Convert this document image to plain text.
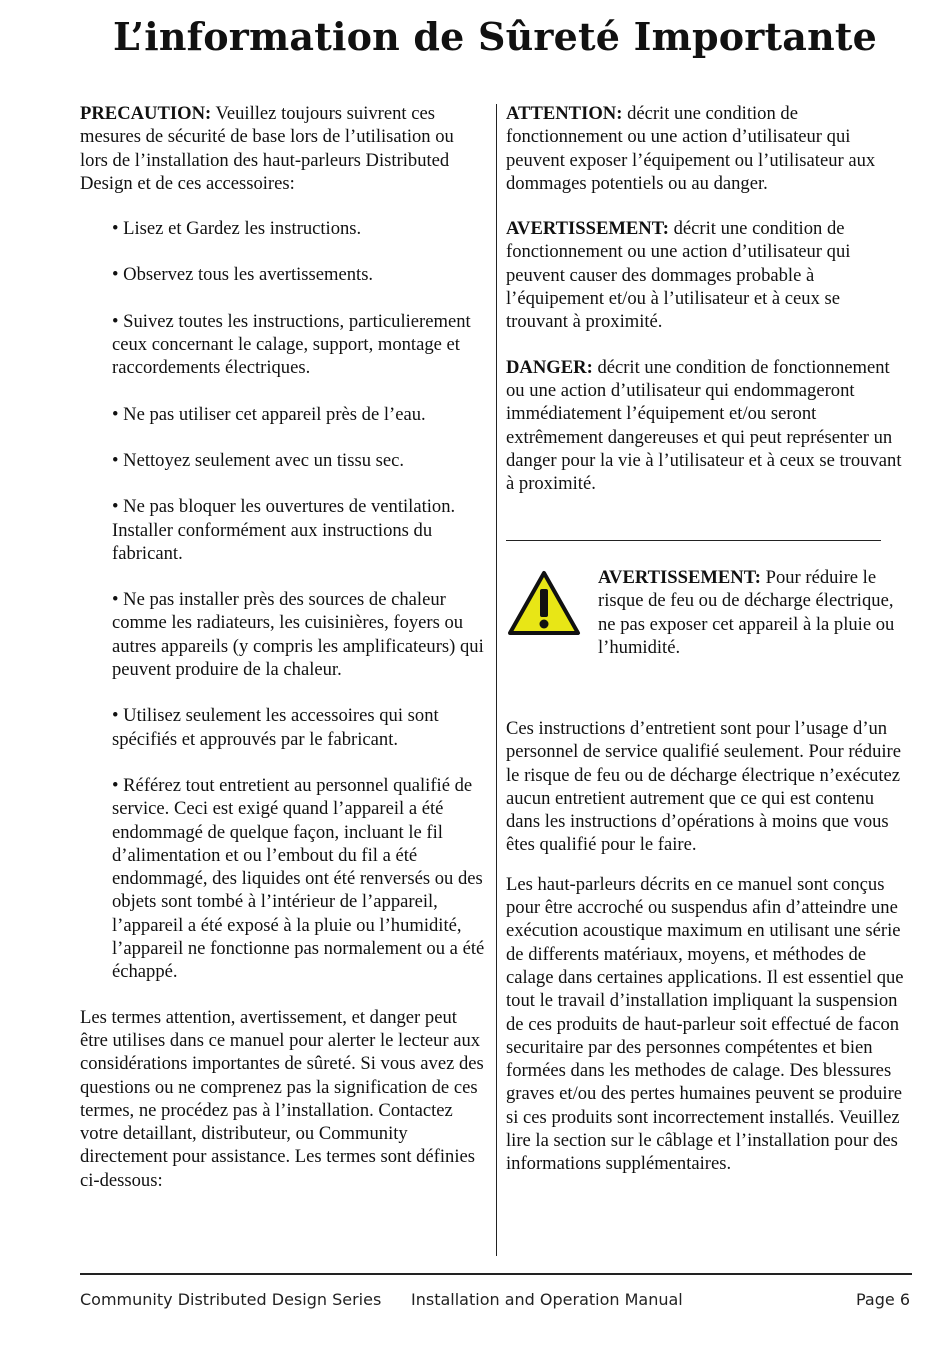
L’information de Sûreté Importante

PRECAUTION: Veuillez toujours suivrent ces mesures de sécurité de base lors de l’utilisation ou lors de l’installation des haut-parleurs Distributed Design et de ces accessoires:

• Lisez et Gardez les instructions.
• Observez tous les avertissements.
• Suivez toutes les instructions, particulierement ceux concernant le calage, support, montage et raccordements électriques.
• Ne pas utiliser cet appareil près de l’eau.
• Nettoyez seulement avec un tissu sec.
• Ne pas bloquer les ouvertures de ventilation. Installer conformément aux instructions du fabricant.
• Ne pas installer près des sources de chaleur comme les radiateurs, les cuisinières, foyers ou autres appareils (y compris les amplificateurs) qui peuvent produire de la chaleur.
• Utilisez seulement les accessoires qui sont spécifiés et approuvés par le fabricant.
• Référez tout entretient au personnel qualifié de service. Ceci est exigé quand l’appareil a été endommagé de quelque façon, incluant le fil d’alimentation et ou l’embout du fil a été endommagé, des liquides ont été renversés ou des objets sont tombé à l’intérieur de l’appareil, l’appareil a été exposé à la pluie ou l’humidité, l’appareil ne fonctionne pas normalement ou a été échappé.

Les termes attention, avertissement, et danger peut être utilises dans ce manuel pour alerter le lecteur aux considérations importantes de sûreté. Si vous avez des questions ou ne comprenez pas la signification de ces termes, ne procédez pas à l’installation. Contactez votre detaillant, distributeur, ou Community directement pour assistance. Les termes sont définies ci-dessous:

ATTENTION: décrit une condition de fonctionnement ou une action d’utilisateur qui peuvent exposer l’équipement ou l’utilisateur aux dommages potentiels ou au danger.

AVERTISSEMENT: décrit une condition de fonctionnement ou une action d’utilisateur qui peuvent causer des dommages probable à l’équipement et/ou à l’utilisateur et à ceux se trouvant à proximité.

DANGER: décrit une condition de fonctionnement ou une action d’utilisateur qui endommageront immédiatement l’équipement et/ou seront extrêmement dangereuses et qui peut représenter un danger pour la vie à l’utilisateur et à ceux se trouvant à proximité.

AVERTISSEMENT: Pour réduire le risque de feu ou de décharge électrique, ne pas exposer cet appareil à la pluie ou l’humidité.

Ces instructions d’entretient sont pour l’usage d’un personnel de service qualifié seulement. Pour réduire le risque de feu ou de décharge électrique n’exécutez aucun entretient autrement que ce qui est contenu dans les instructions d’opérations à moins que vous êtes qualifié pour le faire.

Les haut-parleurs décrits en ce manuel sont conçus pour être accroché ou suspendus afin d’atteindre une exécution acoustique maximum en utilisant une série de differents matériaux, moyens, et méthodes de calage dans certaines applications. Il est essentiel que tout le travail d’installation impliquant la suspension de ces produits de haut-parleur soit effectué de facon securitaire par des personnes compétentes et bien formées dans les methodes de calage. Des blessures graves et/ou des pertes humaines peuvent se produire si ces produits sont incorrectement installés. Veuillez lire la section sur le câblage et l’installation pour des informations supplémentaires.

Community Distributed Design Series Installation and Operation Manual	Page 6
